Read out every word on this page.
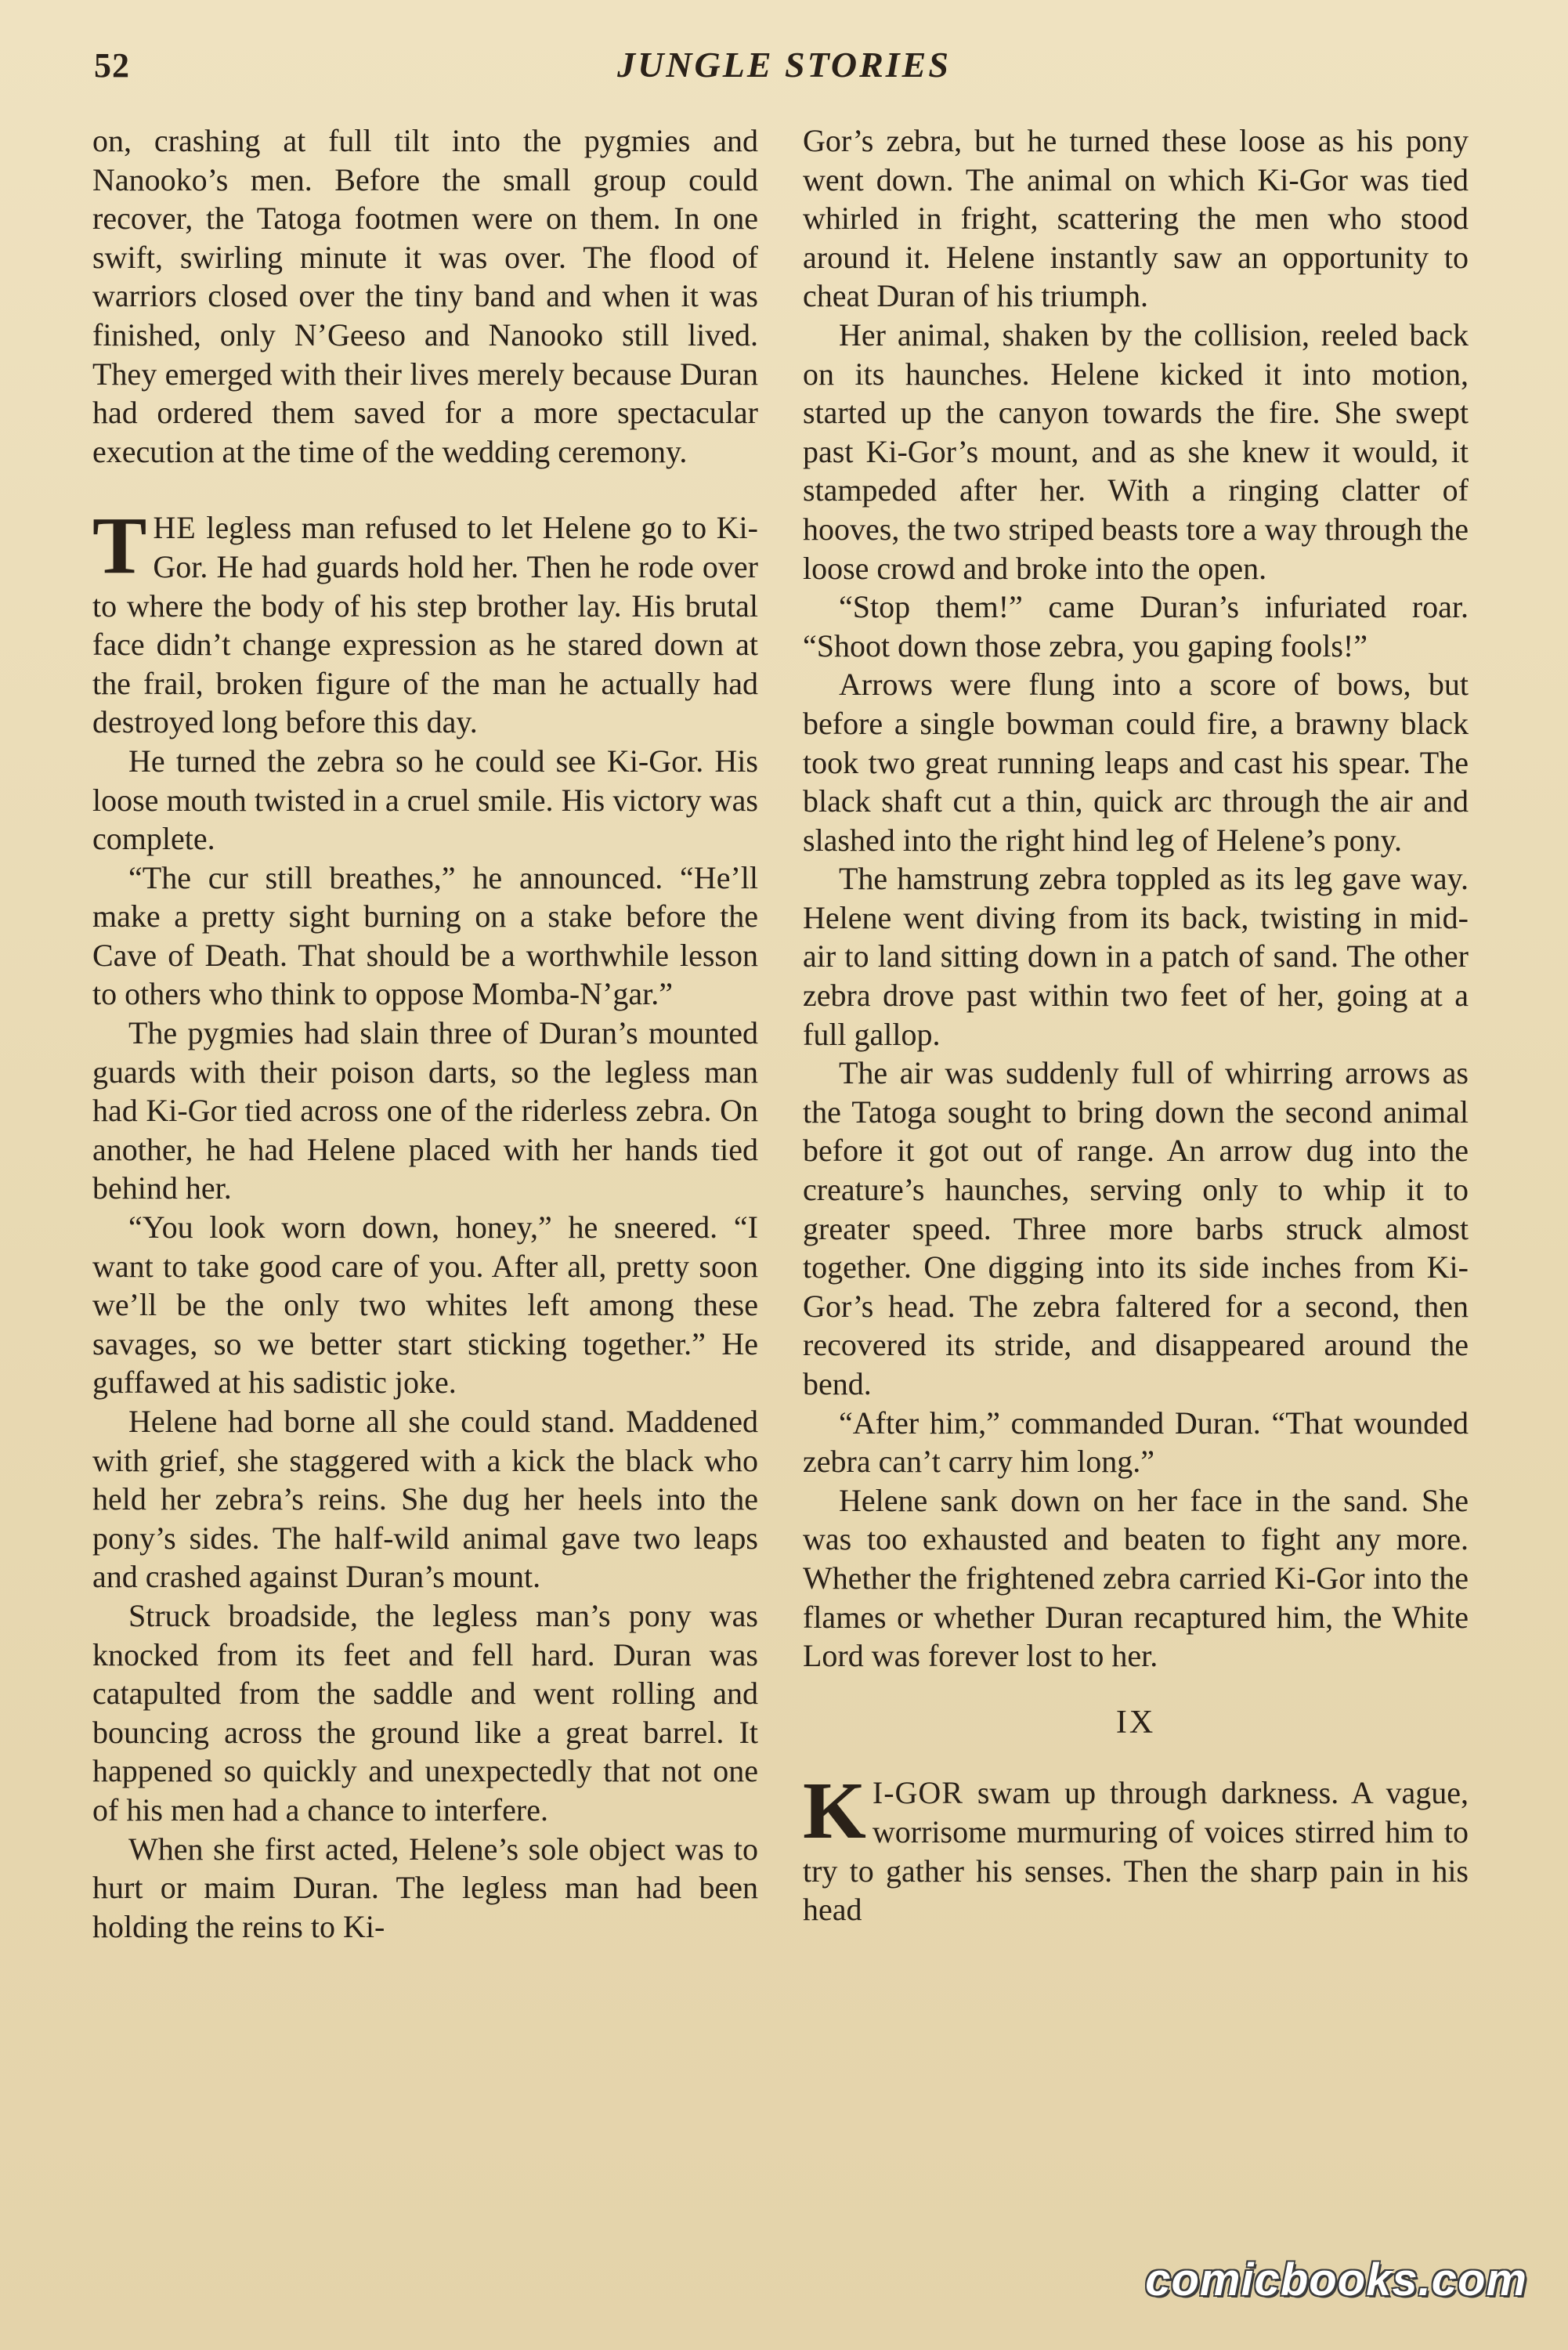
52	JUNGLE STORIES

on, crashing at full tilt into the pygmies and Nanooko’s men. Before the small group could recover, the Tatoga footmen were on them. In one swift, swirling minute it was over. The flood of warriors closed over the tiny band and when it was finished, only N’Geeso and Nanooko still lived. They emerged with their lives merely because Duran had ordered them saved for a more spectacular execution at the time of the wedding ceremony.

THE legless man refused to let Helene go to Ki-Gor. He had guards hold her. Then he rode over to where the body of his step brother lay. His brutal face didn’t change expression as he stared down at the frail, broken figure of the man he actually had destroyed long before this day.

He turned the zebra so he could see Ki-Gor. His loose mouth twisted in a cruel smile. His victory was complete.

“The cur still breathes,” he announced. “He’ll make a pretty sight burning on a stake before the Cave of Death. That should be a worthwhile lesson to others who think to oppose Momba-N’gar.”

The pygmies had slain three of Duran’s mounted guards with their poison darts, so the legless man had Ki-Gor tied across one of the riderless zebra. On another, he had Helene placed with her hands tied behind her.

“You look worn down, honey,” he sneered. “I want to take good care of you. After all, pretty soon we’ll be the only two whites left among these savages, so we better start sticking together.” He guffawed at his sadistic joke.

Helene had borne all she could stand. Maddened with grief, she staggered with a kick the black who held her zebra’s reins. She dug her heels into the pony’s sides. The half-wild animal gave two leaps and crashed against Duran’s mount.

Struck broadside, the legless man’s pony was knocked from its feet and fell hard. Duran was catapulted from the saddle and went rolling and bouncing across the ground like a great barrel. It happened so quickly and unexpectedly that not one of his men had a chance to interfere.

When she first acted, Helene’s sole object was to hurt or maim Duran. The legless man had been holding the reins to Ki-

Gor’s zebra, but he turned these loose as his pony went down. The animal on which Ki-Gor was tied whirled in fright, scattering the men who stood around it. Helene instantly saw an opportunity to cheat Duran of his triumph.

Her animal, shaken by the collision, reeled back on its haunches. Helene kicked it into motion, started up the canyon towards the fire. She swept past Ki-Gor’s mount, and as she knew it would, it stampeded after her. With a ringing clatter of hooves, the two striped beasts tore a way through the loose crowd and broke into the open.

“Stop them!” came Duran’s infuriated roar. “Shoot down those zebra, you gaping fools!”

Arrows were flung into a score of bows, but before a single bowman could fire, a brawny black took two great running leaps and cast his spear. The black shaft cut a thin, quick arc through the air and slashed into the right hind leg of Helene’s pony.

The hamstrung zebra toppled as its leg gave way. Helene went diving from its back, twisting in mid-air to land sitting down in a patch of sand. The other zebra drove past within two feet of her, going at a full gallop.

The air was suddenly full of whirring arrows as the Tatoga sought to bring down the second animal before it got out of range. An arrow dug into the creature’s haunches, serving only to whip it to greater speed. Three more barbs struck almost together. One digging into its side inches from Ki-Gor’s head. The zebra faltered for a second, then recovered its stride, and disappeared around the bend.

“After him,” commanded Duran. “That wounded zebra can’t carry him long.”

Helene sank down on her face in the sand. She was too exhausted and beaten to fight any more. Whether the frightened zebra carried Ki-Gor into the flames or whether Duran recaptured him, the White Lord was forever lost to her.

IX

K I-GOR swam up through darkness. A vague, worrisome murmuring of voices stirred him to try to gather his senses. Then the sharp pain in his head

comicbooks.com
